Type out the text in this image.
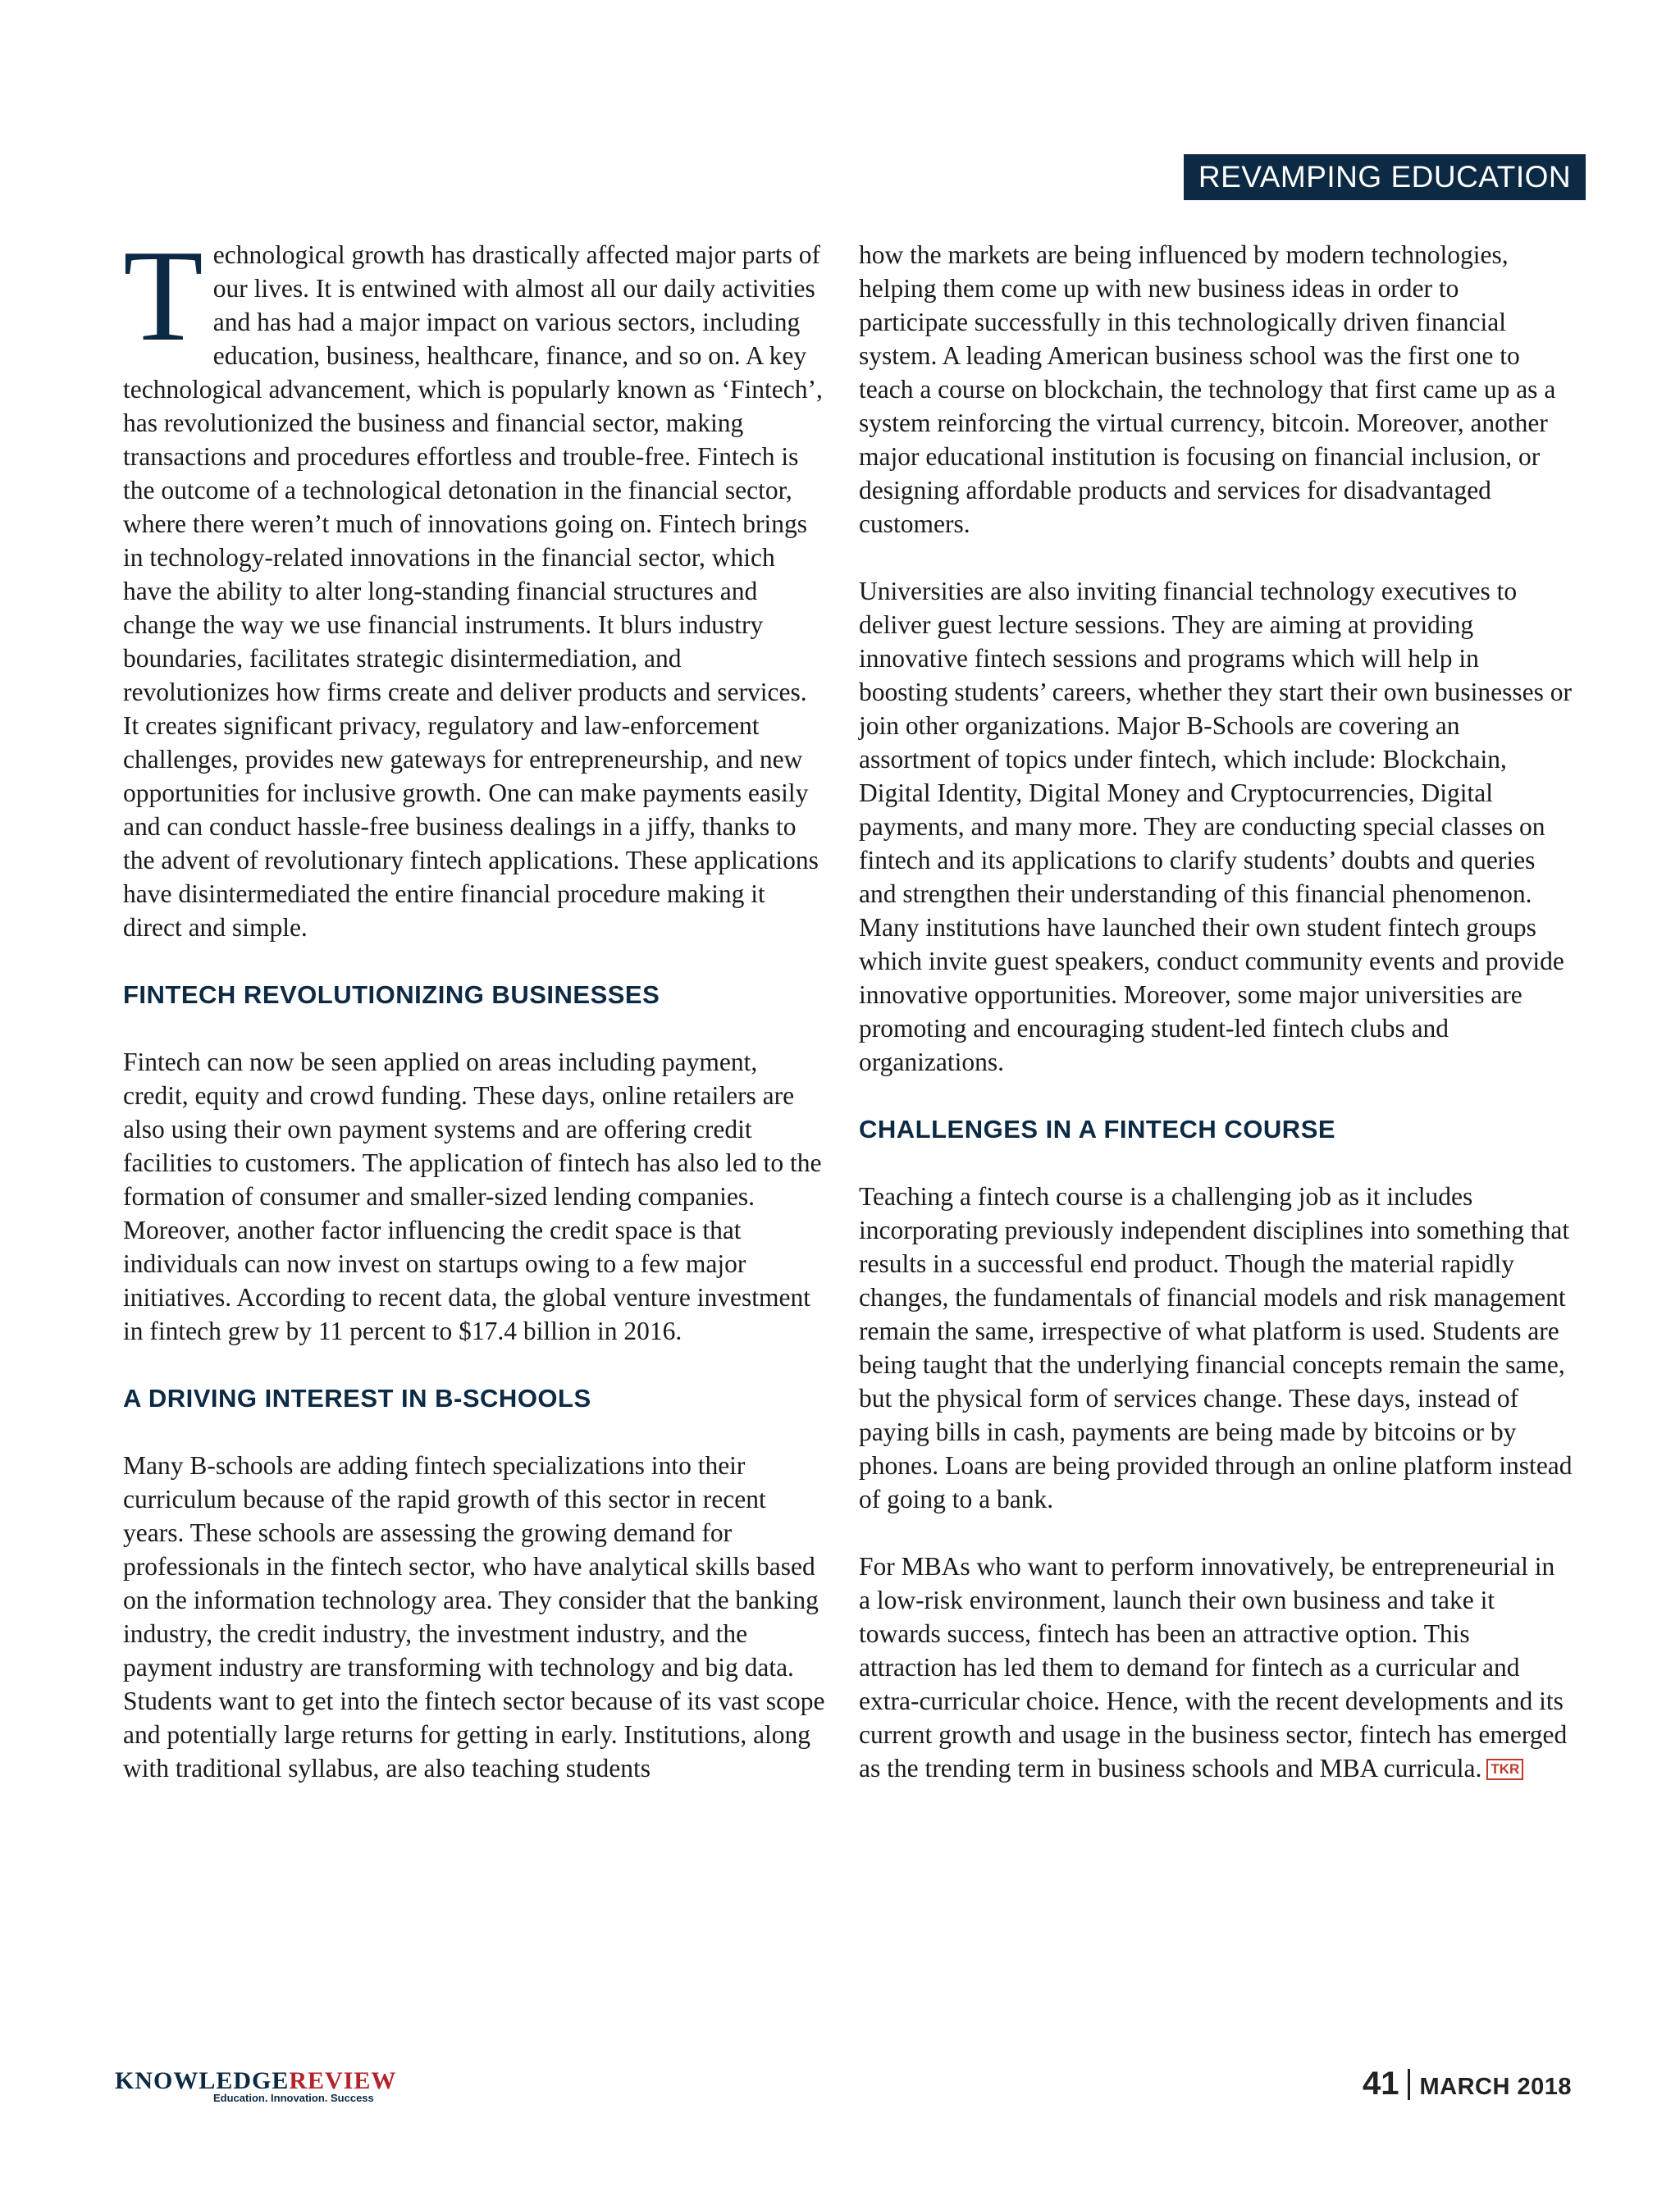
REVAMPING EDUCATION

Technological growth has drastically affected major parts of our lives. It is entwined with almost all our daily activities and has had a major impact on various sectors, including education, business, healthcare, finance, and so on. A key technological advancement, which is popularly known as ‘Fintech’, has revolutionized the business and financial sector, making transactions and procedures effortless and trouble-free. Fintech is the outcome of a technological detonation in the financial sector, where there weren’t much of innovations going on. Fintech brings in technology-related innovations in the financial sector, which have the ability to alter long-standing financial structures and change the way we use financial instruments. It blurs industry boundaries, facilitates strategic disintermediation, and revolutionizes how firms create and deliver products and services. It creates significant privacy, regulatory and law-enforcement challenges, provides new gateways for entrepreneurship, and new opportunities for inclusive growth. One can make payments easily and can conduct hassle-free business dealings in a jiffy, thanks to the advent of revolutionary fintech applications. These applications have disintermediated the entire financial procedure making it direct and simple.

FINTECH REVOLUTIONIZING BUSINESSES

Fintech can now be seen applied on areas including payment, credit, equity and crowd funding. These days, online retailers are also using their own payment systems and are offering credit facilities to customers. The application of fintech has also led to the formation of consumer and smaller-sized lending companies. Moreover, another factor influencing the credit space is that individuals can now invest on startups owing to a few major initiatives. According to recent data, the global venture investment in fintech grew by 11 percent to $17.4 billion in 2016.

A DRIVING INTEREST IN B-SCHOOLS

Many B-schools are adding fintech specializations into their curriculum because of the rapid growth of this sector in recent years. These schools are assessing the growing demand for professionals in the fintech sector, who have analytical skills based on the information technology area. They consider that the banking industry, the credit industry, the investment industry, and the payment industry are transforming with technology and big data. Students want to get into the fintech sector because of its vast scope and potentially large returns for getting in early. Institutions, along with traditional syllabus, are also teaching students

how the markets are being influenced by modern technologies, helping them come up with new business ideas in order to participate successfully in this technologically driven financial system. A leading American business school was the first one to teach a course on blockchain, the technology that first came up as a system reinforcing the virtual currency, bitcoin. Moreover, another major educational institution is focusing on financial inclusion, or designing affordable products and services for disadvantaged customers.

Universities are also inviting financial technology executives to deliver guest lecture sessions. They are aiming at providing innovative fintech sessions and programs which will help in boosting students’ careers, whether they start their own businesses or join other organizations. Major B-Schools are covering an assortment of topics under fintech, which include: Blockchain, Digital Identity, Digital Money and Cryptocurrencies, Digital payments, and many more. They are conducting special classes on fintech and its applications to clarify students’ doubts and queries and strengthen their understanding of this financial phenomenon. Many institutions have launched their own student fintech groups which invite guest speakers, conduct community events and provide innovative opportunities. Moreover, some major universities are promoting and encouraging student-led fintech clubs and organizations.

CHALLENGES IN A FINTECH COURSE

Teaching a fintech course is a challenging job as it includes incorporating previously independent disciplines into something that results in a successful end product. Though the material rapidly changes, the fundamentals of financial models and risk management remain the same, irrespective of what platform is used. Students are being taught that the underlying financial concepts remain the same, but the physical form of services change. These days, instead of paying bills in cash, payments are being made by bitcoins or by phones. Loans are being provided through an online platform instead of going to a bank.

For MBAs who want to perform innovatively, be entrepreneurial in a low-risk environment, launch their own business and take it towards success, fintech has been an attractive option. This attraction has led them to demand for fintech as a curricular and extra-curricular choice. Hence, with the recent developments and its current growth and usage in the business sector, fintech has emerged as the trending term in business schools and MBA curricula. TKR

KNOWLEDGEREVIEW
Education. Innovation. Success	41 MARCH 2018
